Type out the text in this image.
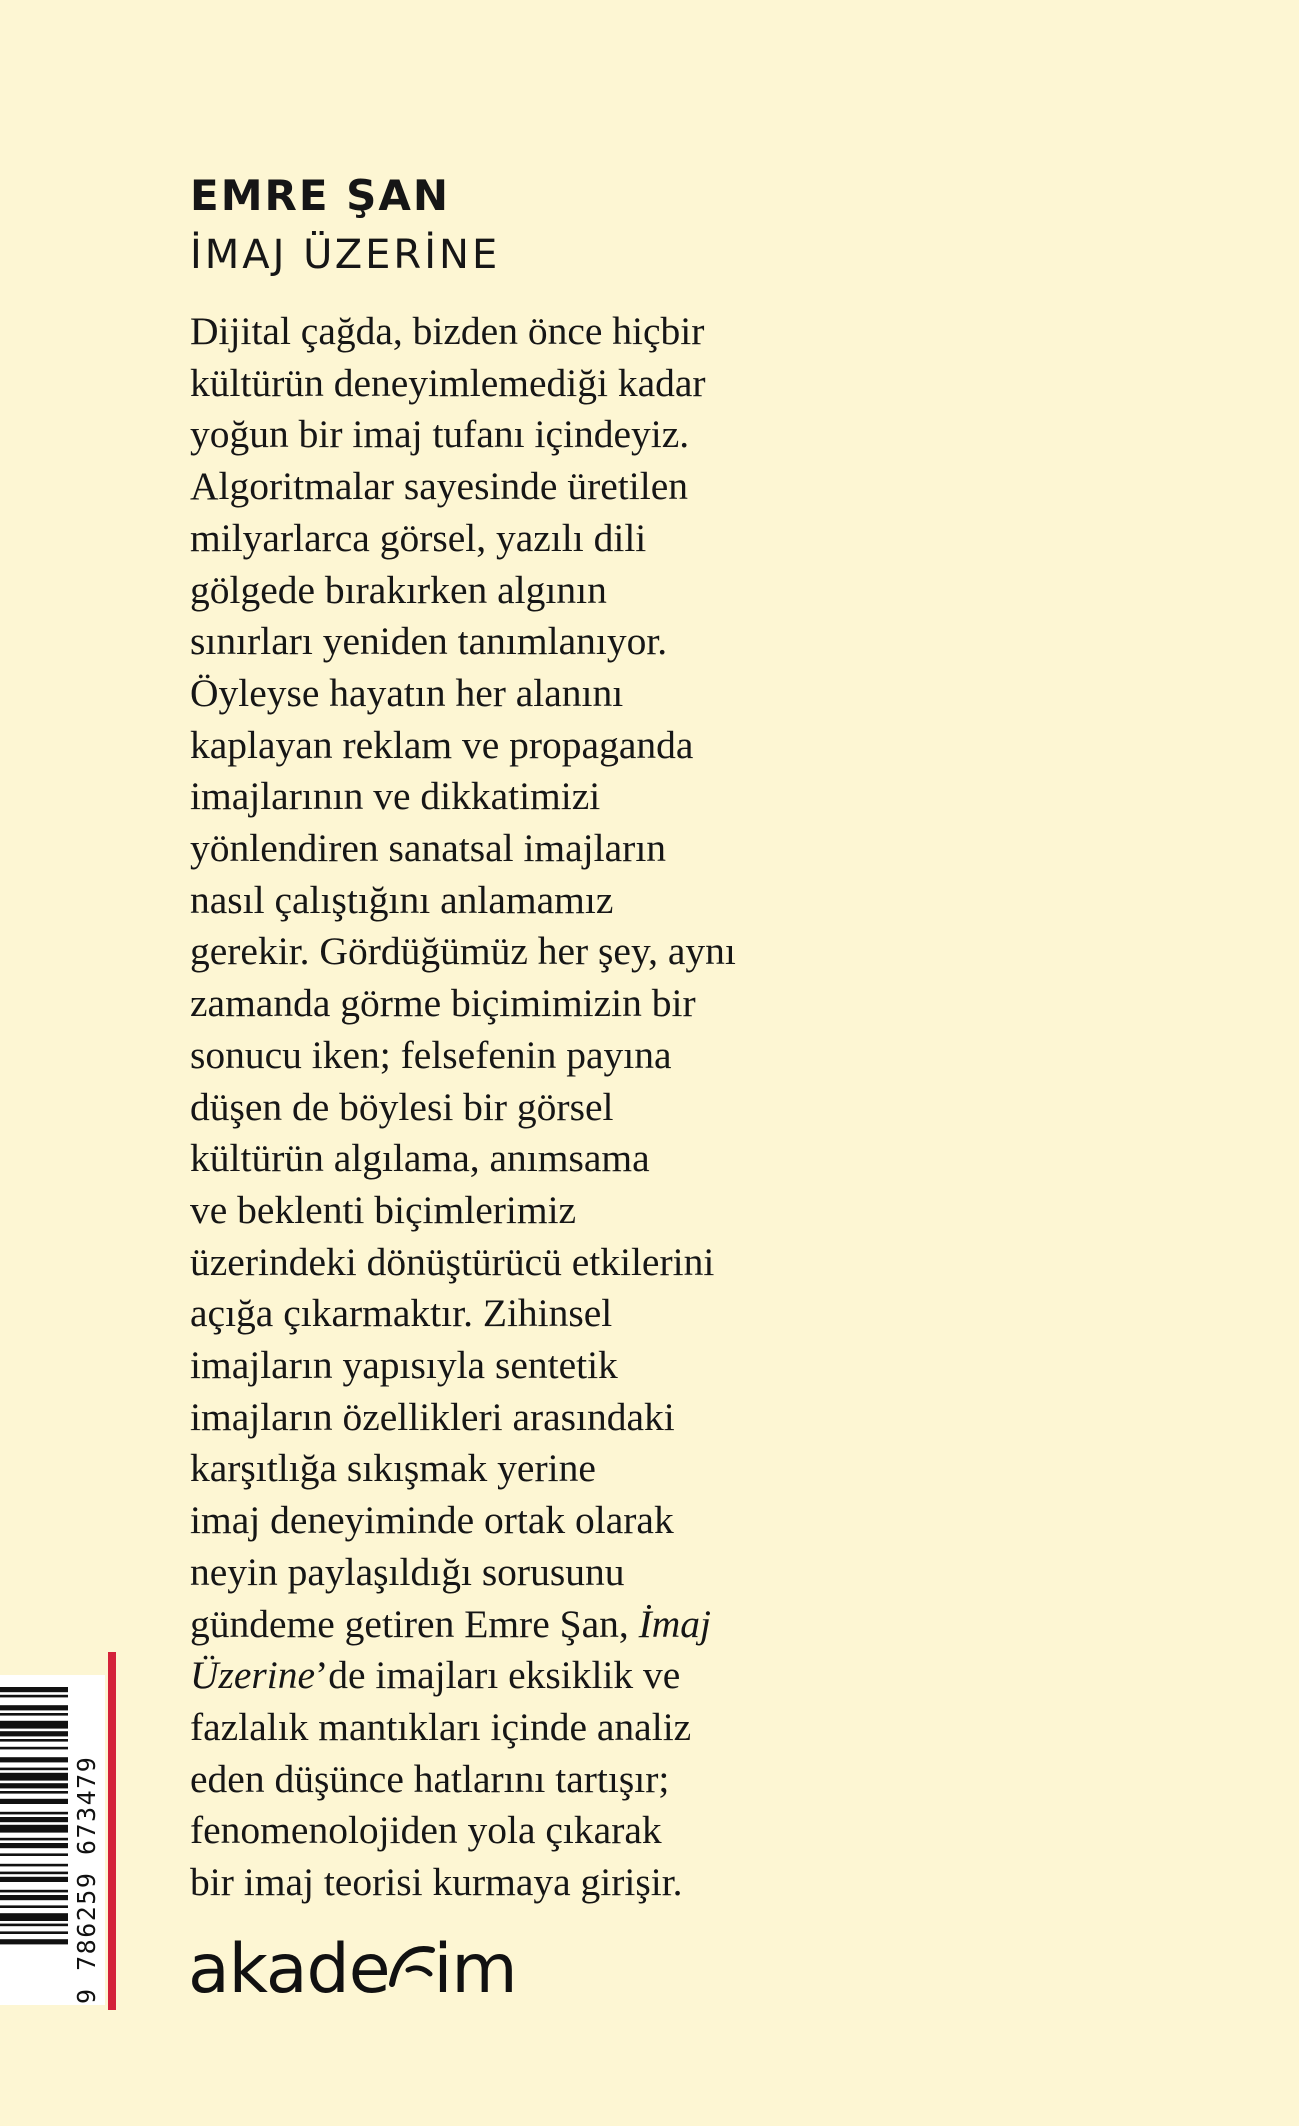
EMRE ŞAN
İMAJ ÜZERİNE
Dijital çağda, bizden önce hiçbir
kültürün deneyimlemediği kadar
yoğun bir imaj tufanı içindeyiz.
Algoritmalar sayesinde üretilen
milyarlarca görsel, yazılı dili
gölgede bırakırken algının
sınırları yeniden tanımlanıyor.
Öyleyse hayatın her alanını
kaplayan reklam ve propaganda
imajlarının ve dikkatimizi
yönlendiren sanatsal imajların
nasıl çalıştığını anlamamız
gerekir. Gördüğümüz her şey, aynı
zamanda görme biçimimizin bir
sonucu iken; felsefenin payına
düşen de böylesi bir görsel
kültürün algılama, anımsama
ve beklenti biçimlerimiz
üzerindeki dönüştürücü etkilerini
açığa çıkarmaktır. Zihinsel
imajların yapısıyla sentetik
imajların özellikleri arasındaki
karşıtlığa sıkışmak yerine
imaj deneyiminde ortak olarak
neyin paylaşıldığı sorusunu
gündeme getiren Emre Şan, İmaj
Üzerine’de imajları eksiklik ve
fazlalık mantıkları içinde analiz
eden düşünce hatlarını tartışır;
fenomenolojiden yola çıkarak
bir imaj teorisi kurmaya girişir.
9 786259 673479 akade im
